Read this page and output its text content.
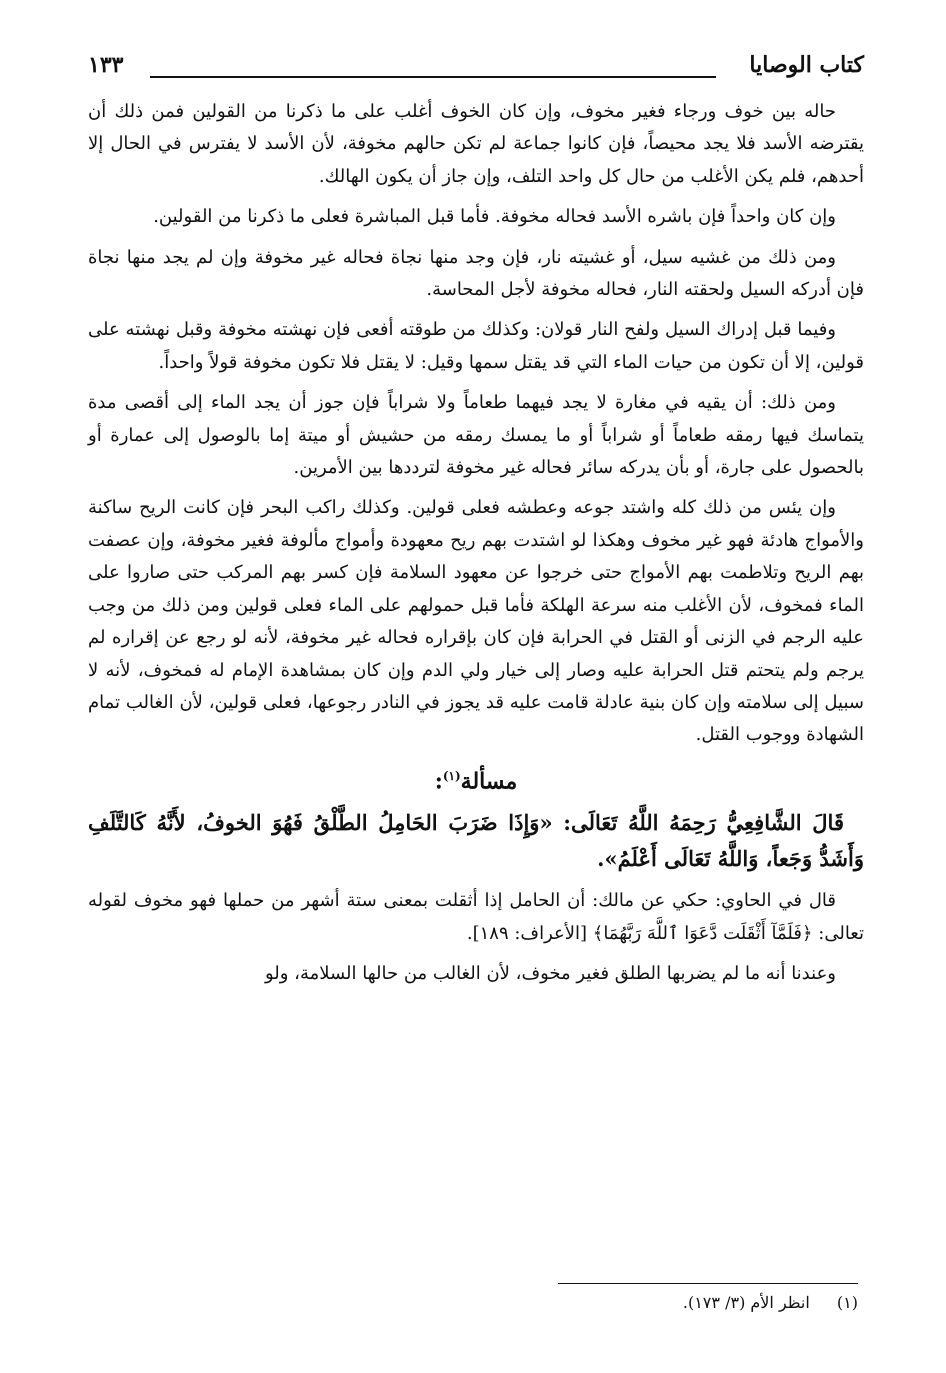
كتاب الوصايا
١٣٣

حاله بين خوف ورجاء فغير مخوف، وإن كان الخوف أغلب على ما ذكرنا من القولين فمن ذلك أن يقترضه الأسد فلا يجد محيصاً، فإن كانوا جماعة لم تكن حالهم مخوفة، لأن الأسد لا يفترس في الحال إلا أحدهم، فلم يكن الأغلب من حال كل واحد التلف، وإن جاز أن يكون الهالك.

وإن كان واحداً فإن باشره الأسد فحاله مخوفة. فأما قبل المباشرة فعلى ما ذكرنا من القولين.

ومن ذلك من غشيه سيل، أو غشيته نار، فإن وجد منها نجاة فحاله غير مخوفة وإن لم يجد منها نجاة فإن أدركه السيل ولحقته النار، فحاله مخوفة لأجل المحاسة.

وفيما قبل إدراك السيل ولفح النار قولان: وكذلك من طوقته أفعى فإن نهشته مخوفة وقبل نهشته على قولين، إلا أن تكون من حيات الماء التي قد يقتل سمها وقيل: لا يقتل فلا تكون مخوفة قولاً واحداً.

ومن ذلك: أن يقيه في مغارة لا يجد فيهما طعاماً ولا شراباً فإن جوز أن يجد الماء إلى أقصى مدة يتماسك فيها رمقه طعاماً أو شراباً أو ما يمسك رمقه من حشيش أو ميتة إما بالوصول إلى عمارة أو بالحصول على جارة، أو بأن يدركه سائر فحاله غير مخوفة لترددها بين الأمرين.

وإن يئس من ذلك كله واشتد جوعه وعطشه فعلى قولين. وكذلك راكب البحر فإن كانت الريح ساكنة والأمواج هادئة فهو غير مخوف وهكذا لو اشتدت بهم ريح معهودة وأمواج مألوفة فغير مخوفة، وإن عصفت بهم الريح وتلاطمت بهم الأمواج حتى خرجوا عن معهود السلامة فإن كسر بهم المركب حتى صاروا على الماء فمخوف، لأن الأغلب منه سرعة الهلكة فأما قبل حمولهم على الماء فعلى قولين ومن ذلك من وجب عليه الرجم في الزنى أو القتل في الحرابة فإن كان بإقراره فحاله غير مخوفة، لأنه لو رجع عن إقراره لم يرجم ولم يتحتم قتل الحرابة عليه وصار إلى خيار ولي الدم وإن كان بمشاهدة الإمام له فمخوف، لأنه لا سبيل إلى سلامته وإن كان بنية عادلة قامت عليه قد يجوز في النادر رجوعها، فعلى قولين، لأن الغالب تمام الشهادة ووجوب القتل.

مسألة$^{(١)}$:

قَالَ الشَّافِعِيُّ رَحِمَهُ اللَّهُ تَعَالَى: «وَإِذَا ضَرَبَ الحَامِلُ الطَّلْقُ فَهُوَ الخوفُ، لأَنَّهُ كَالتَّلَفِ وَأَشَدُّ وَجَعاً، وَاللَّهُ تَعَالَى أَعْلَمُ».

قال في الحاوي: حكي عن مالك: أن الحامل إذا أثقلت بمعنى ستة أشهر من حملها فهو مخوف لقوله تعالى: ﴿فَلَمَّآ أَثْقَلَت دَّعَوَا ٱللَّهَ رَبَّهُمَا﴾ [الأعراف: ١٨٩].

وعندنا أنه ما لم يضربها الطلق فغير مخوف، لأن الغالب من حالها السلامة، ولو

(١) انظر الأم (٣/ ١٧٣).
